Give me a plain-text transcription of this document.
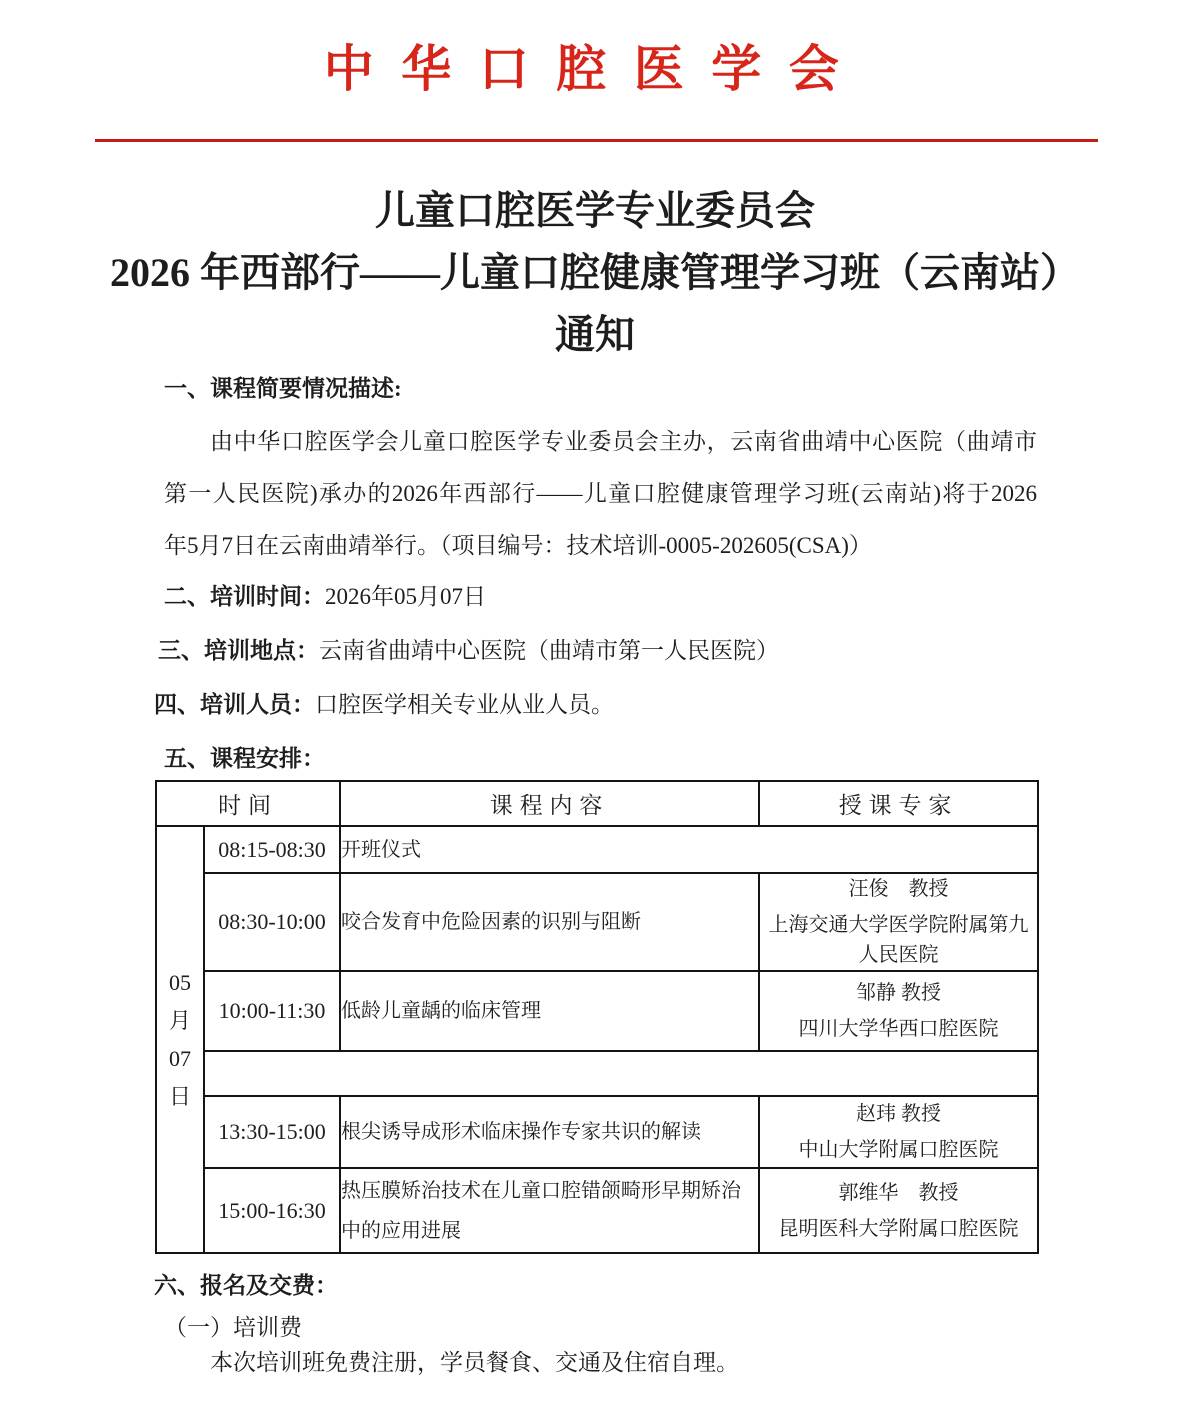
中华口腔医学会
儿童口腔医学专业委员会
2026 年西部行——儿童口腔健康管理学习班（云南站）
通知
一、课程简要情况描述:
由中华口腔医学会儿童口腔医学专业委员会主办，云南省曲靖中心医院（曲靖市
第一人民医院)承办的2026年西部行——儿童口腔健康管理学习班(云南站)将于2026
年5月7日在云南曲靖举行。（项目编号：技术培训-0005-202605(CSA)）
二、培训时间：2026年05月07日
三、培训地点：云南省曲靖中心医院（曲靖市第一人民医院）
四、培训人员：口腔医学相关专业从业人员。
五、课程安排：
时间		课程内容	授课专家

05
月
07
日	08:15-08:30	开班仪式	
	08:30-10:00	咬合发育中危险因素的识别与阻断	汪俊　教授
上海交通大学医学院附属第九人民医院

	10:00-11:30	低龄儿童龋的临床管理	邹静 教授
四川大学华西口腔医院

	13:30-15:00	根尖诱导成形术临床操作专家共识的解读	赵玮 教授
中山大学附属口腔医院

	15:00-16:30	热压膜矫治技术在儿童口腔错颌畸形早期矫治中的应用进展	郭维华　教授
昆明医科大学附属口腔医院
六、报名及交费：
（一）培训费
本次培训班免费注册，学员餐食、交通及住宿自理。
